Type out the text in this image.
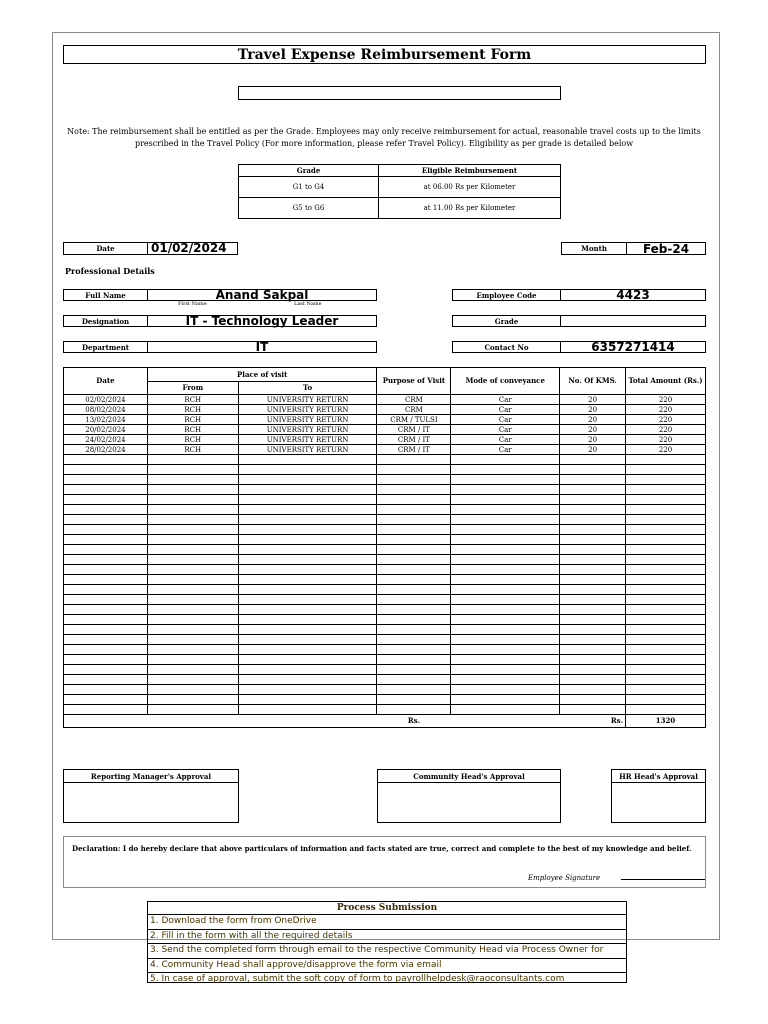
Travel Expense Reimbursement Form
Note: The reimbursement shall be entitled as per the Grade. Employees may only receive reimbursement for actual, reasonable travel costs up to the limits prescribed in the Travel Policy (For more information, please refer Travel Policy). Eligibility as per grade is detailed below
Grade	Eligible Reimbursement
G1 to G4	at 06.00 Rs per Kilometer
G5 to G6	at 11.00 Rs per Kilometer
Date	01/02/2024	Month	Feb-24
Professional Details
Full Name	Anand Sakpal
First Name	Last Name
Employee Code	4423
Designation	IT - Technology Leader	Grade
Department	IT	Contact No	6357271414
Date	Place of visit		Purpose of Visit	Mode of conveyance	No. Of KMS.	Total Amount (Rs.)
	From	To				
02/02/2024	RCH	UNIVERSITY RETURN	CRM	Car	20	220
08/02/2024	RCH	UNIVERSITY RETURN	CRM	Car	20	220
13/02/2024	RCH	UNIVERSITY RETURN	CRM / TULSI	Car	20	220
20/02/2024	RCH	UNIVERSITY RETURN	CRM / IT	Car	20	220
24/02/2024	RCH	UNIVERSITY RETURN	CRM / IT	Car	20	220
28/02/2024	RCH	UNIVERSITY RETURN	CRM / IT	Car	20	220

			Rs.	Rs.		1320
Reporting Manager's Approval	Community Head's Approval	HR Head's Approval
Declaration: I do hereby declare that above particulars of information and facts stated are true, correct and complete to the best of my knowledge and belief.
Employee Signature
Process Submission
1. Download the form from OneDrive
2. Fill in the form with all the required details
3. Send the completed form through email to the respective Community Head via Process Owner for
4. Community Head shall approve/disapprove the form via email
5. In case of approval, submit the soft copy of form to payrollhelpdesk@raoconsultants.com
